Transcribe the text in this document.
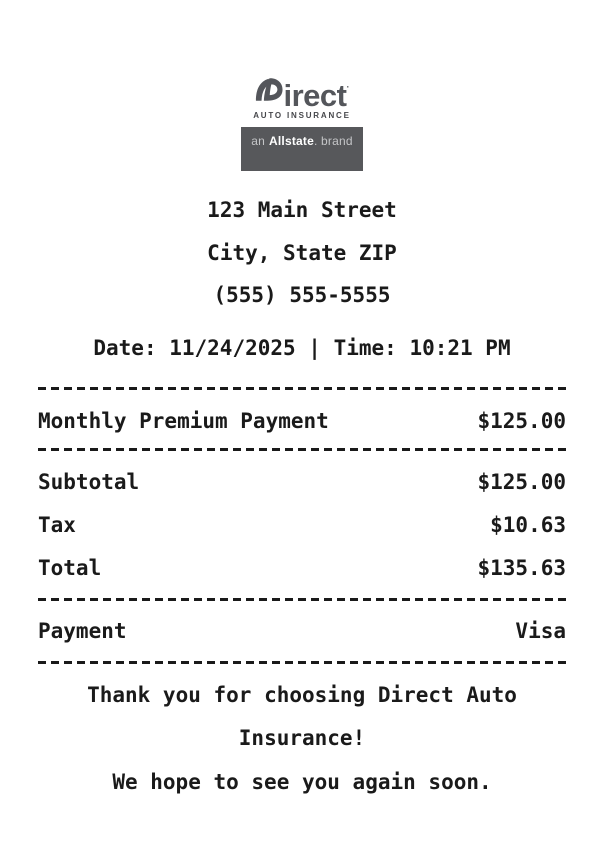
irect ·
AUTO INSURANCE
an Allstate . brand
123 Main Street
City, State ZIP
(555) 555-5555
Date: 11/24/2025 | Time: 10:21 PM
Monthly Premium Payment	$125.00
Subtotal	$125.00
Tax	$10.63
Total	$135.63
Payment	Visa
Thank you for choosing Direct Auto
Insurance!
We hope to see you again soon.
